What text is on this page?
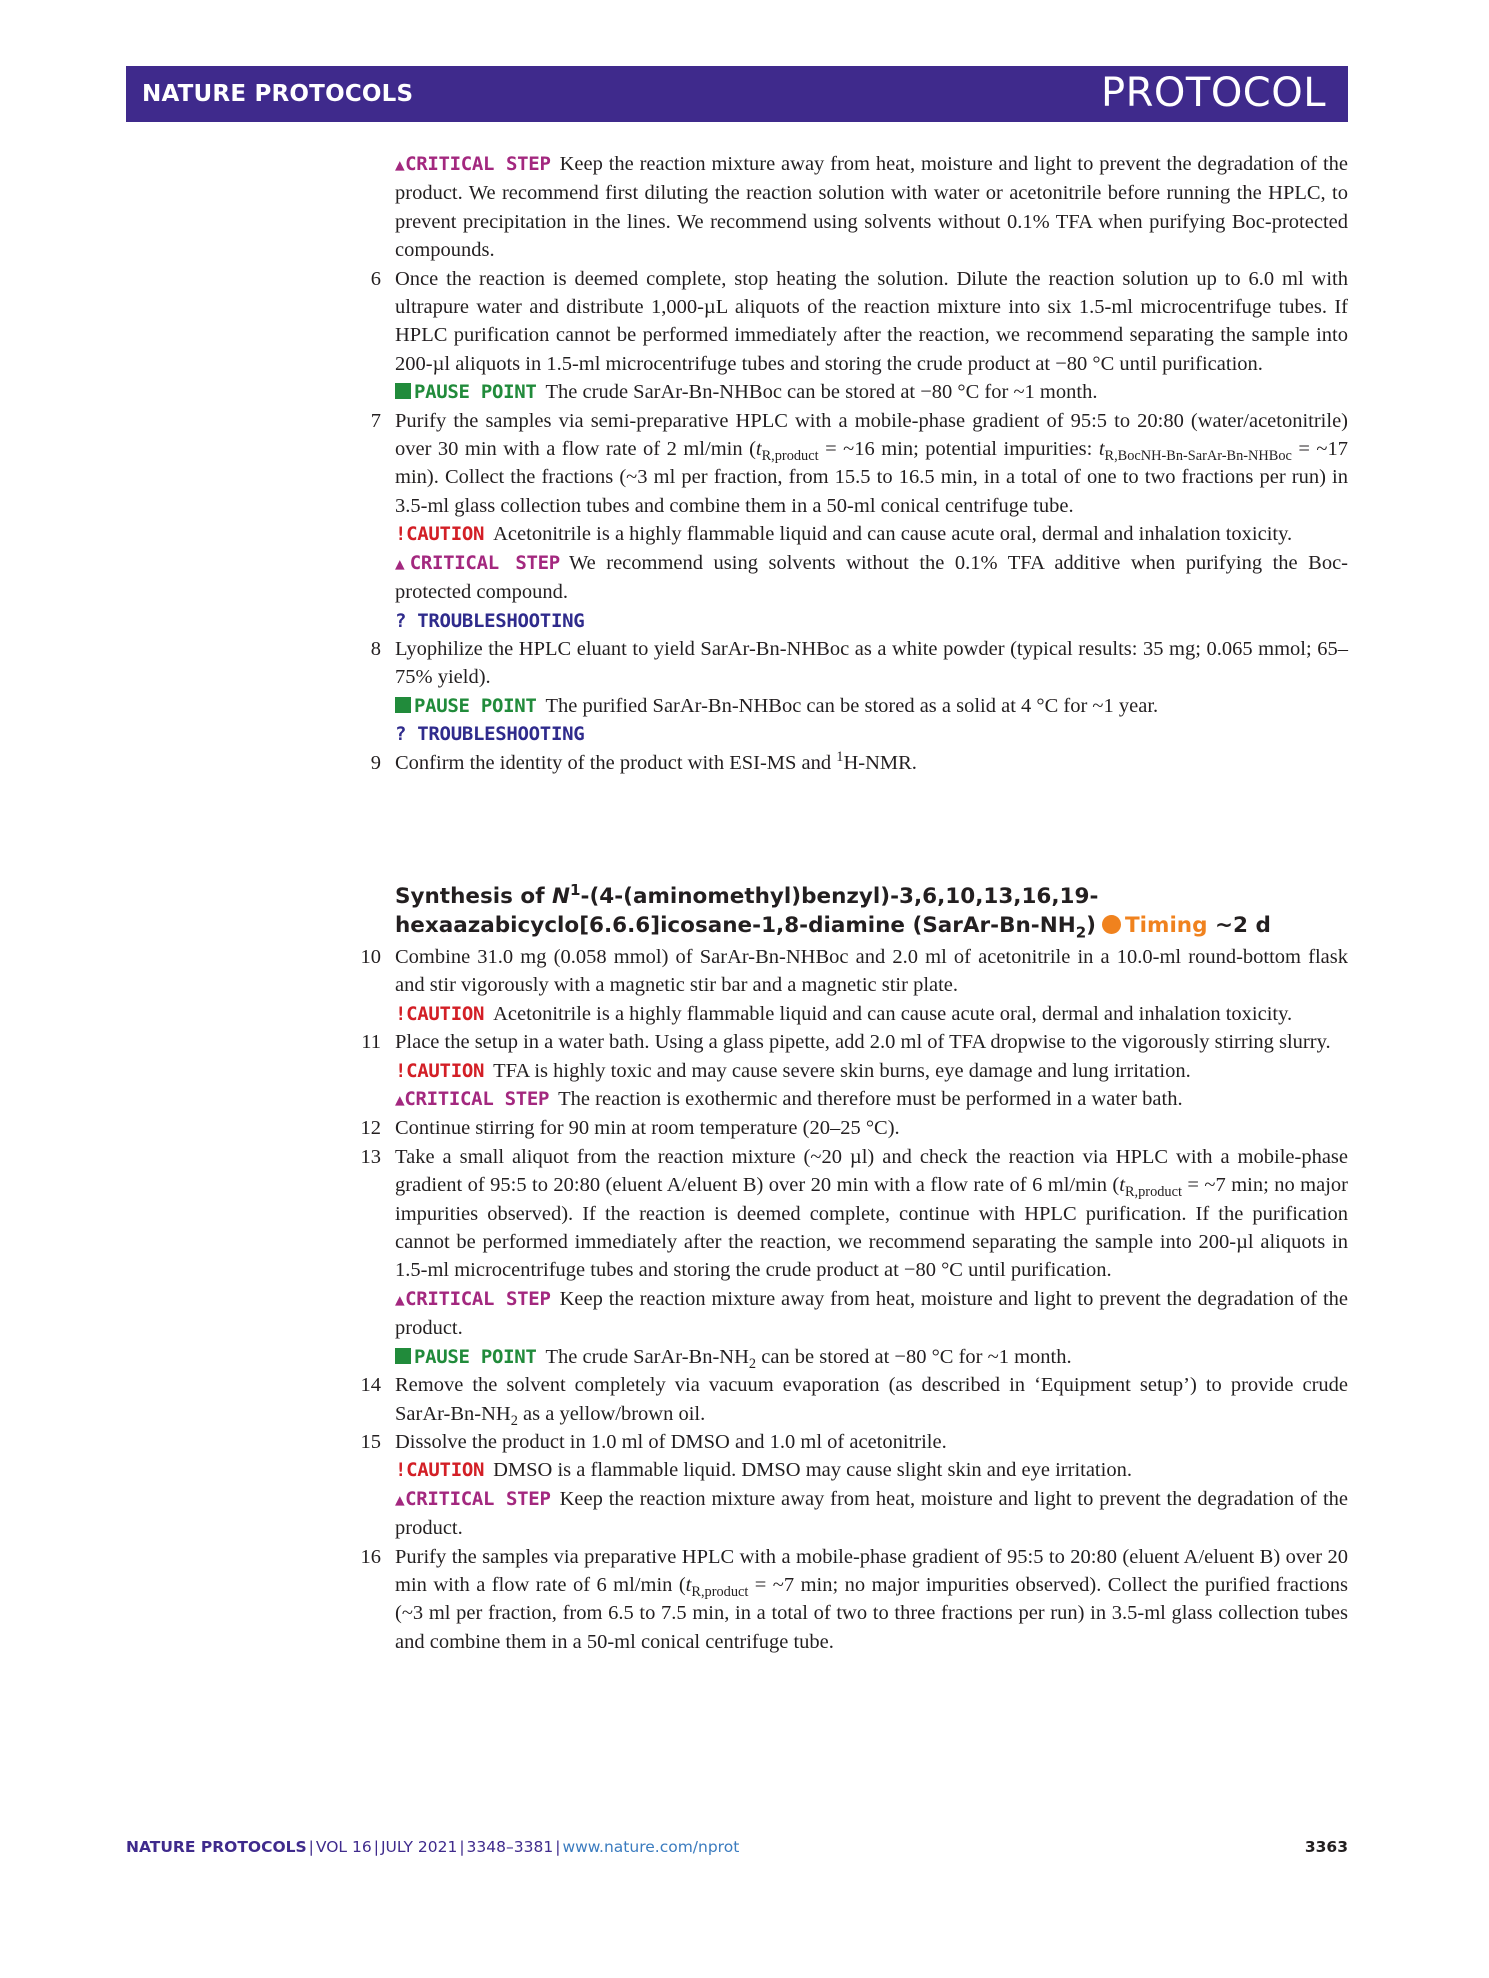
NATURE PROTOCOLS	PROTOCOL

▲CRITICAL STEP Keep the reaction mixture away from heat, moisture and light to prevent the degradation of the product. We recommend first diluting the reaction solution with water or acetonitrile before running the HPLC, to prevent precipitation in the lines. We recommend using solvents without 0.1% TFA when purifying Boc-protected compounds.

6 Once the reaction is deemed complete, stop heating the solution. Dilute the reaction solution up to 6.0 ml with ultrapure water and distribute 1,000-µL aliquots of the reaction mixture into six 1.5-ml microcentrifuge tubes. If HPLC purification cannot be performed immediately after the reaction, we recommend separating the sample into 200-µl aliquots in 1.5-ml microcentrifuge tubes and storing the crude product at −80 °C until purification.

PAUSE POINT The crude SarAr-Bn-NHBoc can be stored at −80 °C for ~1 month.

7 Purify the samples via semi-preparative HPLC with a mobile-phase gradient of 95:5 to 20:80 (water/acetonitrile) over 30 min with a flow rate of 2 ml/min ($t_{R,product}$ = ~16 min; potential impurities: $t_{R,BocNH-Bn-SarAr-Bn-NHBoc}$ = ~17 min). Collect the fractions (~3 ml per fraction, from 15.5 to 16.5 min, in a total of one to two fractions per run) in 3.5-ml glass collection tubes and combine them in a 50-ml conical centrifuge tube.

!CAUTION Acetonitrile is a highly flammable liquid and can cause acute oral, dermal and inhalation toxicity.

▲CRITICAL STEP We recommend using solvents without the 0.1% TFA additive when purifying the Boc-protected compound.

? TROUBLESHOOTING

8 Lyophilize the HPLC eluant to yield SarAr-Bn-NHBoc as a white powder (typical results: 35 mg; 0.065 mmol; 65–75% yield).

PAUSE POINT The purified SarAr-Bn-NHBoc can be stored as a solid at 4 °C for ~1 year.

? TROUBLESHOOTING

9 Confirm the identity of the product with ESI-MS and $^1$H-NMR.

Synthesis of $N^1-(4-(aminomethyl)benzyl)-3,6,10,13,16,19-hexaazabicyclo[6.6.6]icosane-1,8$-diamine $(SarAr-Bn-NH_2)$ Timing ~2 d

10 Combine 31.0 mg (0.058 mmol) of SarAr-Bn-NHBoc and 2.0 ml of acetonitrile in a 10.0-ml round-bottom flask and stir vigorously with a magnetic stir bar and a magnetic stir plate.

!CAUTION Acetonitrile is a highly flammable liquid and can cause acute oral, dermal and inhalation toxicity.

11 Place the setup in a water bath. Using a glass pipette, add 2.0 ml of TFA dropwise to the vigorously stirring slurry.

!CAUTION TFA is highly toxic and may cause severe skin burns, eye damage and lung irritation.

▲CRITICAL STEP The reaction is exothermic and therefore must be performed in a water bath.

12 Continue stirring for 90 min at room temperature (20–25 °C).

13 Take a small aliquot from the reaction mixture (~20 µl) and check the reaction via HPLC with a mobile-phase gradient of 95:5 to 20:80 (eluent A/eluent B) over 20 min with a flow rate of 6 ml/min ($t_{R,product}$ = ~7 min; no major impurities observed). If the reaction is deemed complete, continue with HPLC purification. If the purification cannot be performed immediately after the reaction, we recommend separating the sample into 200-µl aliquots in 1.5-ml microcentrifuge tubes and storing the crude product at −80 °C until purification.

▲CRITICAL STEP Keep the reaction mixture away from heat, moisture and light to prevent the degradation of the product.

PAUSE POINT The crude SarAr-$Bn-NH_2$ can be stored at −80 °C for ~1 month.

14 Remove the solvent completely via vacuum evaporation (as described in ‘Equipment setup’) to provide crude SarAr-$Bn-NH_2$ as a yellow/brown oil.

15 Dissolve the product in 1.0 ml of DMSO and 1.0 ml of acetonitrile.

!CAUTION DMSO is a flammable liquid. DMSO may cause slight skin and eye irritation.

▲CRITICAL STEP Keep the reaction mixture away from heat, moisture and light to prevent the degradation of the product.

16 Purify the samples via preparative HPLC with a mobile-phase gradient of 95:5 to 20:80 (eluent A/eluent B) over 20 min with a flow rate of 6 ml/min ($t_{R,product}$ = ~7 min; no major impurities observed). Collect the purified fractions (~3 ml per fraction, from 6.5 to 7.5 min, in a total of two to three fractions per run) in 3.5-ml glass collection tubes and combine them in a 50-ml conical centrifuge tube.

NATURE PROTOCOLS | VOL 16 | JULY 2021 | 3348–3381 | www.nature.com/nprot	3363
